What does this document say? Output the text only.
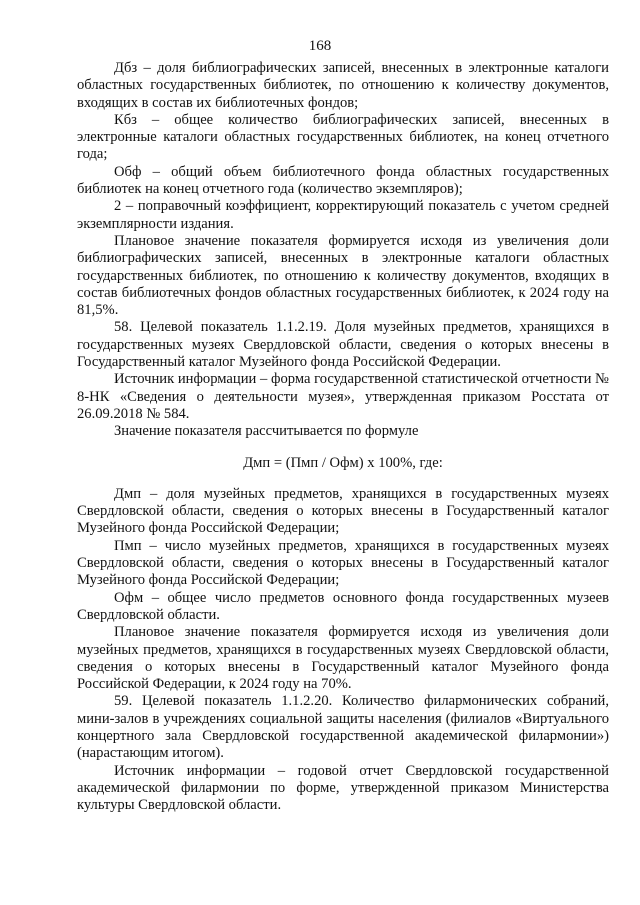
168

Дбз – доля библиографических записей, внесенных в электронные каталоги областных государственных библиотек, по отношению к количеству документов, входящих в состав их библиотечных фондов;

Кбз – общее количество библиографических записей, внесенных в электронные каталоги областных государственных библиотек, на конец отчетного года;

Обф – общий объем библиотечного фонда областных государственных библиотек на конец отчетного года (количество экземпляров);

2 – поправочный коэффициент, корректирующий показатель с учетом средней экземплярности издания.

Плановое значение показателя формируется исходя из увеличения доли библиографических записей, внесенных в электронные каталоги областных государственных библиотек, по отношению к количеству документов, входящих в состав библиотечных фондов областных государственных библиотек, к 2024 году на 81,5%.

58. Целевой показатель 1.1.2.19. Доля музейных предметов, хранящихся в государственных музеях Свердловской области, сведения о которых внесены в Государственный каталог Музейного фонда Российской Федерации.

Источник информации – форма государственной статистической отчетности № 8-НК «Сведения о деятельности музея», утвержденная приказом Росстата от 26.09.2018 № 584.

Значение показателя рассчитывается по формуле

Дмп = (Пмп / Офм) х 100%, где:

Дмп – доля музейных предметов, хранящихся в государственных музеях Свердловской области, сведения о которых внесены в Государственный каталог Музейного фонда Российской Федерации;

Пмп – число музейных предметов, хранящихся в государственных музеях Свердловской области, сведения о которых внесены в Государственный каталог Музейного фонда Российской Федерации;

Офм – общее число предметов основного фонда государственных музеев Свердловской области.

Плановое значение показателя формируется исходя из увеличения доли музейных предметов, хранящихся в государственных музеях Свердловской области, сведения о которых внесены в Государственный каталог Музейного фонда Российской Федерации, к 2024 году на 70%.

59. Целевой показатель 1.1.2.20. Количество филармонических собраний, мини-залов в учреждениях социальной защиты населения (филиалов «Виртуального концертного зала Свердловской государственной академической филармонии») (нарастающим итогом).

Источник информации – годовой отчет Свердловской государственной академической филармонии по форме, утвержденной приказом Министерства культуры Свердловской области.
